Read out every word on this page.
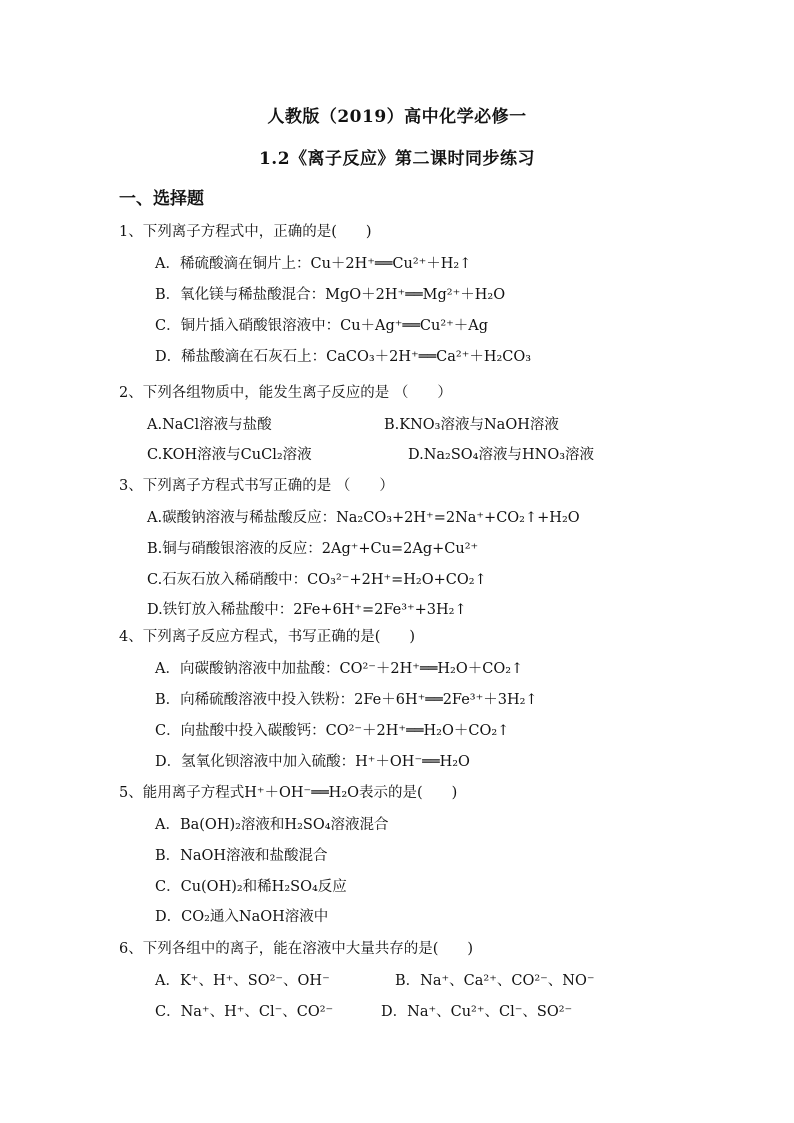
人教版（2019）高中化学必修一
1.2《离子反应》第二课时同步练习
一、选择题
1、下列离子方程式中，正确的是(　　)
A．稀硫酸滴在铜片上：Cu＋2H⁺══Cu²⁺＋H₂↑
B．氧化镁与稀盐酸混合：MgO＋2H⁺══Mg²⁺＋H₂O
C．铜片插入硝酸银溶液中：Cu＋Ag⁺══Cu²⁺＋Ag
D．稀盐酸滴在石灰石上：CaCO₃＋2H⁺══Ca²⁺＋H₂CO₃
2、下列各组物质中，能发生离子反应的是 （　　）
A.NaCl溶液与盐酸	B.KNO₃溶液与NaOH溶液
C.KOH溶液与CuCl₂溶液	D.Na₂SO₄溶液与HNO₃溶液
3、下列离子方程式书写正确的是 （　　）
A.碳酸钠溶液与稀盐酸反应：Na₂CO₃+2H⁺=2Na⁺+CO₂↑+H₂O
B.铜与硝酸银溶液的反应：2Ag⁺+Cu=2Ag+Cu²⁺
C.石灰石放入稀硝酸中：CO₃²⁻+2H⁺=H₂O+CO₂↑
D.铁钉放入稀盐酸中：2Fe+6H⁺=2Fe³⁺+3H₂↑
4、下列离子反应方程式，书写正确的是(　　)
A．向碳酸钠溶液中加盐酸：CO²⁻＋2H⁺══H₂O＋CO₂↑
B．向稀硫酸溶液中投入铁粉：2Fe＋6H⁺══2Fe³⁺＋3H₂↑
C．向盐酸中投入碳酸钙：CO²⁻＋2H⁺══H₂O＋CO₂↑
D．氢氧化钡溶液中加入硫酸：H⁺＋OH⁻══H₂O
5、能用离子方程式H⁺＋OH⁻══H₂O表示的是(　　)
A．Ba(OH)₂溶液和H₂SO₄溶液混合
B．NaOH溶液和盐酸混合
C．Cu(OH)₂和稀H₂SO₄反应
D．CO₂通入NaOH溶液中
6、下列各组中的离子，能在溶液中大量共存的是(　　)
A．K⁺、H⁺、SO²⁻、OH⁻	B．Na⁺、Ca²⁺、CO²⁻、NO⁻
C．Na⁺、H⁺、Cl⁻、CO²⁻	D．Na⁺、Cu²⁺、Cl⁻、SO²⁻
